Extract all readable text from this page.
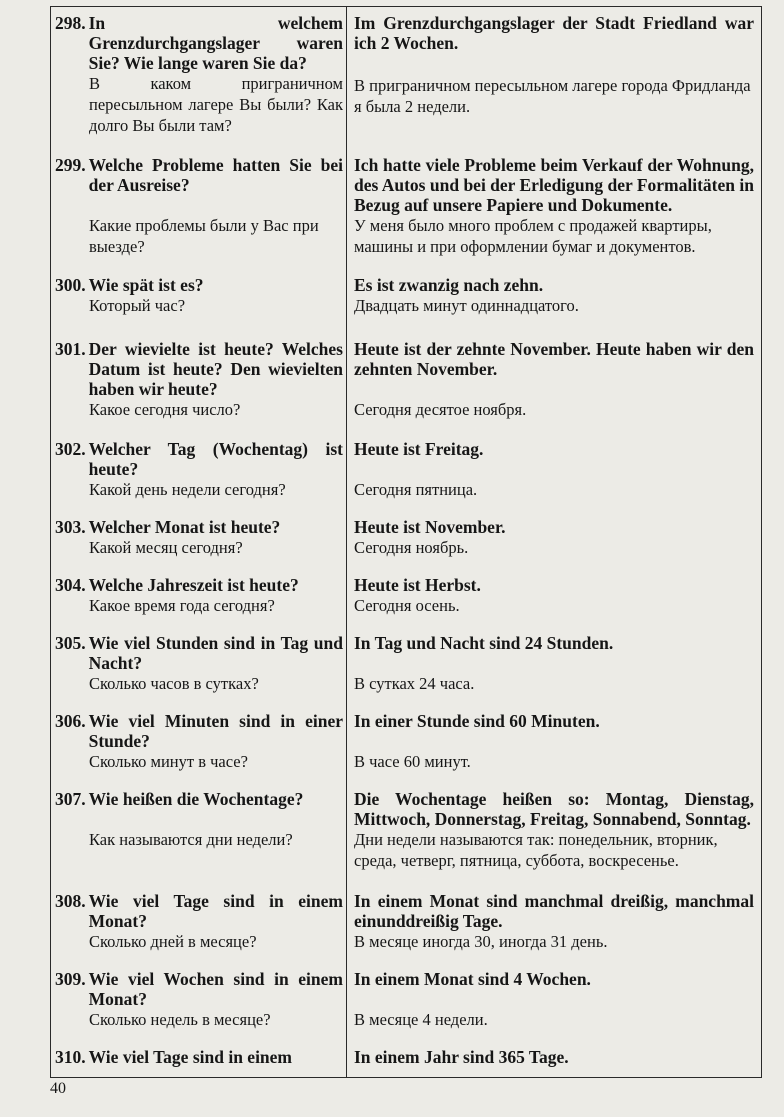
298. In welchem Grenzdurchgangslager waren Sie? Wie lange waren Sie da?
В каком приграничном пересыльном лагере Вы были? Как долго Вы были там?
Im Grenzdurchgangslager der Stadt Friedland war ich 2 Wochen.
В приграничном пересыльном лагере города Фридланда я была 2 недели.
299. Welche Probleme hatten Sie bei der Ausreise?
Какие проблемы были у Вас при выезде?
Ich hatte viele Probleme beim Verkauf der Wohnung, des Autos und bei der Erledigung der Formalitäten in Bezug auf unsere Papiere und Dokumente.
У меня было много проблем с продажей квартиры, машины и при оформлении бумаг и документов.
300. Wie spät ist es?
Который час?
Es ist zwanzig nach zehn.
Двадцать минут одиннадцатого.
301. Der wievielte ist heute? Welches Datum ist heute? Den wievielten haben wir heute?
Какое сегодня число?
Heute ist der zehnte November. Heute haben wir den zehnten November.
Сегодня десятое ноября.
302. Welcher Tag (Wochentag) ist heute?
Какой день недели сегодня?
Heute ist Freitag.
Сегодня пятница.
303. Welcher Monat ist heute?
Какой месяц сегодня?
Heute ist November.
Сегодня ноябрь.
304. Welche Jahreszeit ist heute?
Какое время года сегодня?
Heute ist Herbst.
Сегодня осень.
305. Wie viel Stunden sind in Tag und Nacht?
Сколько часов в сутках?
In Tag und Nacht sind 24 Stunden.
В сутках 24 часа.
306. Wie viel Minuten sind in einer Stunde?
Сколько минут в часе?
In einer Stunde sind 60 Minuten.
В часе 60 минут.
307. Wie heißen die Wochentage?
Как называются дни недели?
Die Wochentage heißen so: Montag, Dienstag, Mittwoch, Donnerstag, Freitag, Sonnabend, Sonntag.
Дни недели называются так: понедельник, вторник, среда, четверг, пятница, суббота, воскресенье.
308. Wie viel Tage sind in einem Monat?
Сколько дней в месяце?
In einem Monat sind manchmal dreißig, manchmal einunddreißig Tage.
В месяце иногда 30, иногда 31 день.
309. Wie viel Wochen sind in einem Monat?
Сколько недель в месяце?
In einem Monat sind 4 Wochen.
В месяце 4 недели.
310. Wie viel Tage sind in einem	In einem Jahr sind 365 Tage.
40
